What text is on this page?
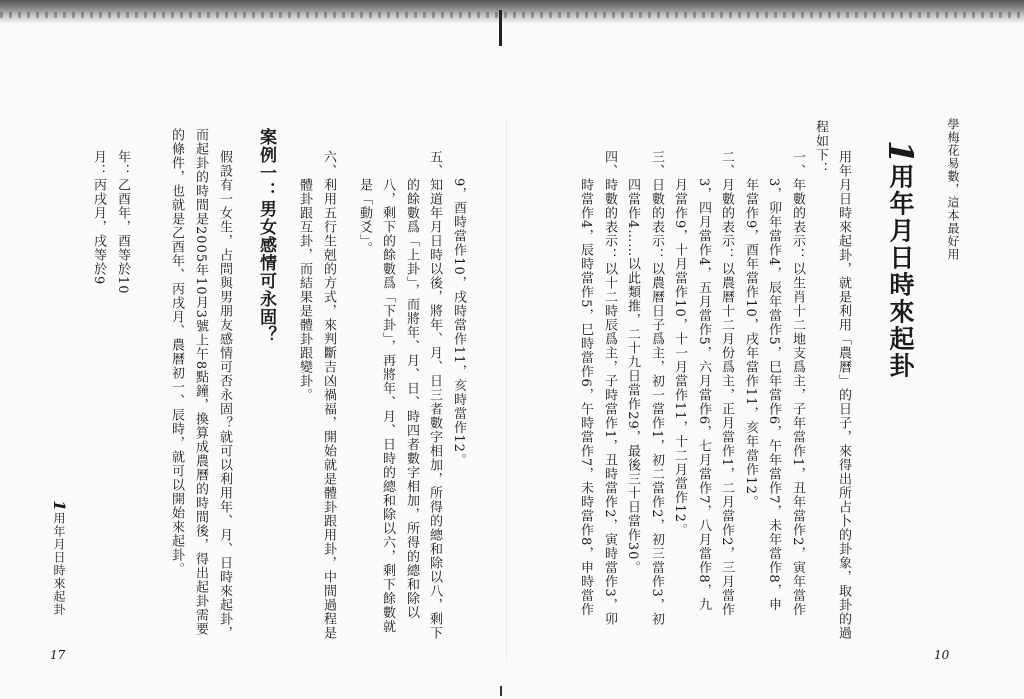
學梅花易數，這本最好用
1用年月日時來起卦
用年月日時來起卦，就是利用「農曆」的日子，來得出所占卜的卦象，取卦的過
程如下：
一、年數的表示：以生肖十二地支爲主，子年當作1，丑年當作2，寅年當作
3，卯年當作4，辰年當作5，巳年當作6，午年當作7，未年當作8，申
年當作9，酉年當作10，戌年當作11，亥年當作12。
二、月數的表示：以農曆十二月份爲主，正月當作1，二月當作2，三月當作
3，四月當作4，五月當作5，六月當作6，七月當作7，八月當作8，九
月當作9，十月當作10，十一月當作11，十二月當作12。
三、日數的表示：以農曆日子爲主，初一當作1，初二當作2，初三當作3，初
四當作4……以此類推，二十九日當作29，最後三十日當作30。
四、時數的表示：以十二時辰爲主，子時當作1，丑時當作2，寅時當作3，卯
時當作4，辰時當作5，巳時當作6，午時當作7，未時當作8，申時當作
10
9，酉時當作10，戌時當作11，亥時當作12。
五、知道年月日時以後，將年、月、日三者數字相加，所得的總和除以八，剩下
的餘數爲「上卦」，而將年、月、日、時四者數字相加，所得的總和除以
八，剩下的餘數爲「下卦」，再將年、月、日時的總和除以六，剩下餘數就
是「動爻」。
六、利用五行生剋的方式，來判斷吉凶禍福，開始就是體卦跟用卦，中間過程是
體卦跟互卦，而結果是體卦跟變卦。
案例一：男女感情可永固？
假設有一女生，占問與男朋友感情可否永固？就可以利用年、月、日時來起卦，
而起卦的時間是2005年10月3號上午8點鐘，換算成農曆的時間後，得出起卦需要
的條件，也就是乙酉年、丙戌月、農曆初一、辰時，就可以開始來起卦。
年：乙酉年，酉等於10
月：丙戌月，戌等於9
1用年月日時來起卦
17
